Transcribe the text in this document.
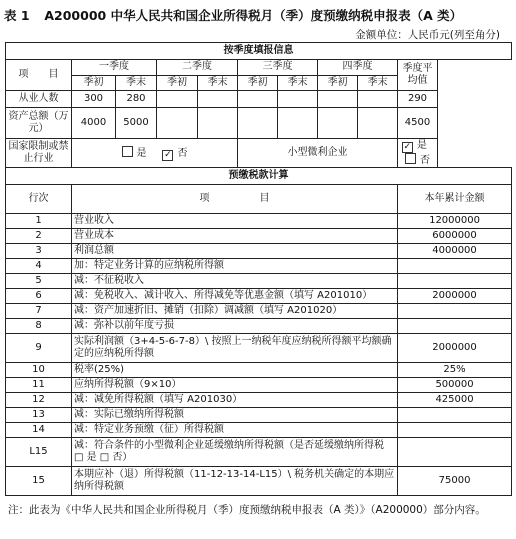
表 1 A200000 中华人民共和国企业所得税月（季）度预缴纳税申报表（A 类）
金额单位：人民币元(列至角分)
按季度填报信息									
项　　目	一季度		二季度		三季度		四季度		季度平均值
	季初	季末	季初	季末	季初	季末	季初	季末	
从业人数	300	280							290
资产总额（万元）	4000	5000							4500
国家限制或禁止行业	是 ✓ 否				小型微利企业				✓ 是   否
预缴税款计算									
行次	项　　　　　目								本年累计金额
1	营业收入								12000000
2	营业成本								6000000
3	利润总额								4000000
4	加：特定业务计算的应纳税所得额								
5	减：不征税收入								
6	减：免税收入、减计收入、所得减免等优惠金额（填写 A201010）								2000000
7	减：资产加速折旧、摊销（扣除）调减额（填写 A201020）								
8	减：弥补以前年度亏损								
9	实际利润额（3+4-5-6-7-8）\ 按照上一纳税年度应纳税所得额平均额确定的应纳税所得额								2000000
10	税率(25%)								25%
11	应纳所得税额（9×10）								500000
12	减：减免所得税额（填写 A201030）								425000
13	减：实际已缴纳所得税额								
14	减：特定业务预缴（征）所得税额								
L15	减：符合条件的小型微利企业延缓缴纳所得税额（是否延缓缴纳所得税　□ 是 □ 否）								
15	本期应补（退）所得税额（11-12-13-14-L15）\ 税务机关确定的本期应纳所得税额								75000
注：此表为《中华人民共和国企业所得税月（季）度预缴纳税申报表（A 类）》（A200000）部分内容。
